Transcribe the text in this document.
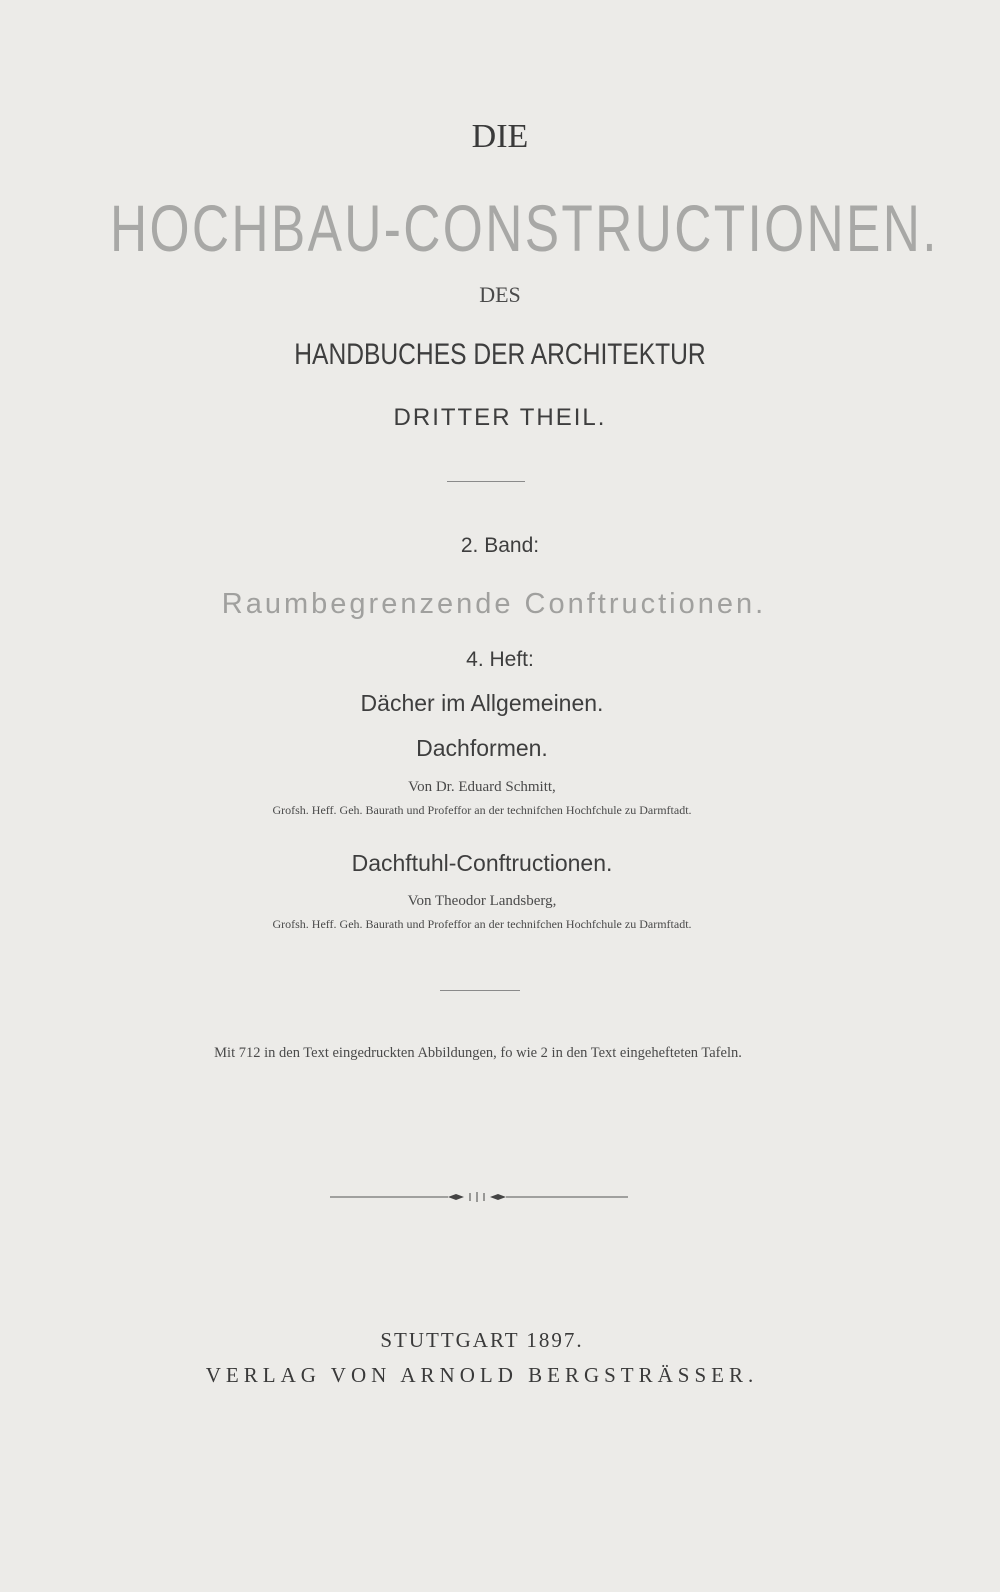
DIE
HOCHBAU-CONSTRUCTIONEN.
DES
HANDBUCHES DER ARCHITEKTUR
DRITTER THEIL.
2. Band:
Raumbegrenzende Conftructionen.
4. Heft:
Dächer im Allgemeinen.
Dachformen.
Von Dr. Eduard Schmitt,
Grofsh. Heff. Geh. Baurath und Profeffor an der technifchen Hochfchule zu Darmftadt.
Dachftuhl-Conftructionen.
Von Theodor Landsberg,
Grofsh. Heff. Geh. Baurath und Profeffor an der technifchen Hochfchule zu Darmftadt.
Mit 712 in den Text eingedruckten Abbildungen, fo wie 2 in den Text eingehefteten Tafeln.
STUTTGART 1897.
VERLAG VON ARNOLD BERGSTRÄSSER.
